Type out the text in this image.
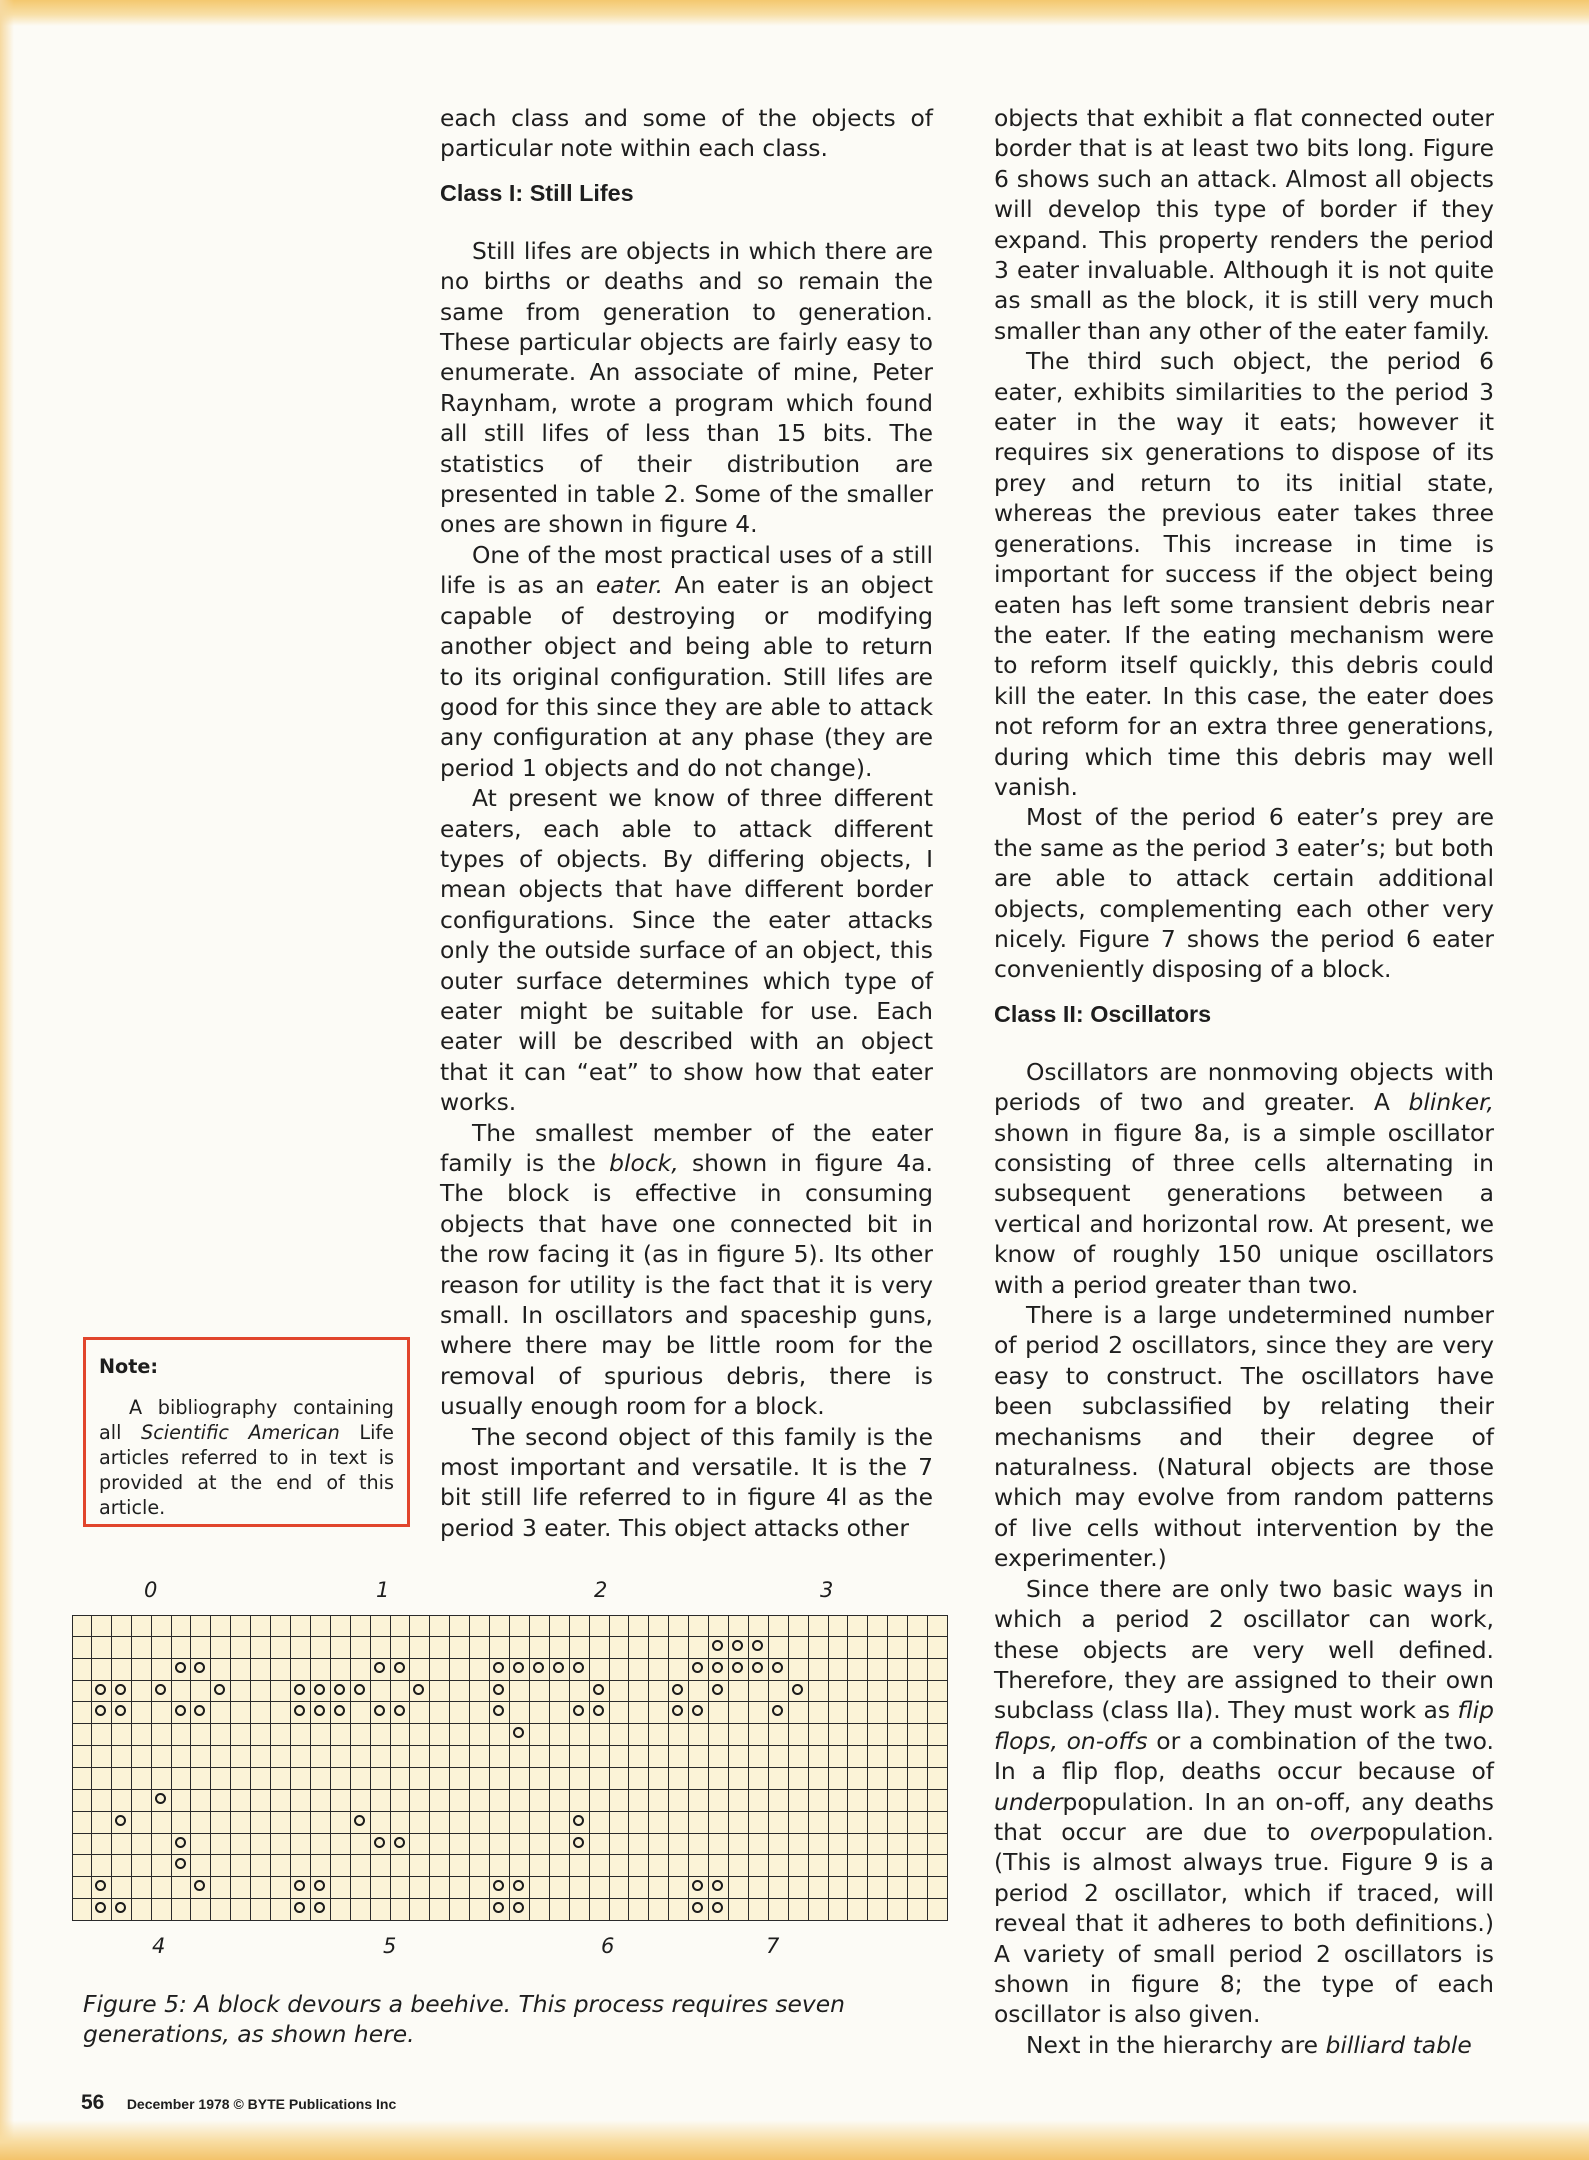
each class and some of the objects of particular note within each class.

Class I: Still Lifes

Still lifes are objects in which there are no births or deaths and so remain the same from generation to generation. These particular objects are fairly easy to enumerate. An associate of mine, Peter Raynham, wrote a program which found all still lifes of less than 15 bits. The statistics of their distribution are presented in table 2. Some of the smaller ones are shown in figure 4.

One of the most practical uses of a still life is as an eater. An eater is an object capable of destroying or modifying another object and being able to return to its original configuration. Still lifes are good for this since they are able to attack any configuration at any phase (they are period 1 objects and do not change).

At present we know of three different eaters, each able to attack different types of objects. By differing objects, I mean objects that have different border configurations. Since the eater attacks only the outside surface of an object, this outer surface determines which type of eater might be suitable for use. Each eater will be described with an object that it can “eat” to show how that eater works.

The smallest member of the eater family is the block, shown in figure 4a. The block is effective in consuming objects that have one connected bit in the row facing it (as in figure 5). Its other reason for utility is the fact that it is very small. In oscillators and spaceship guns, where there may be little room for the removal of spurious debris, there is usually enough room for a block.

The second object of this family is the most important and versatile. It is the 7 bit still life referred to in figure 4l as the period 3 eater. This object attacks other

objects that exhibit a flat connected outer border that is at least two bits long. Figure 6 shows such an attack. Almost all objects will develop this type of border if they expand. This property renders the period 3 eater invaluable. Although it is not quite as small as the block, it is still very much smaller than any other of the eater family.

The third such object, the period 6 eater, exhibits similarities to the period 3 eater in the way it eats; however it requires six generations to dispose of its prey and return to its initial state, whereas the previous eater takes three generations. This increase in time is important for success if the object being eaten has left some transient debris near the eater. If the eating mechanism were to reform itself quickly, this debris could kill the eater. In this case, the eater does not reform for an extra three generations, during which time this debris may well vanish.

Most of the period 6 eater’s prey are the same as the period 3 eater’s; but both are able to attack certain additional objects, complementing each other very nicely. Figure 7 shows the period 6 eater conveniently disposing of a block.

Class II: Oscillators

Oscillators are nonmoving objects with periods of two and greater. A blinker, shown in figure 8a, is a simple oscillator consisting of three cells alternating in subsequent generations between a vertical and horizontal row. At present, we know of roughly 150 unique oscillators with a period greater than two.

There is a large undetermined number of period 2 oscillators, since they are very easy to construct. The oscillators have been subclassified by relating their mechanisms and their degree of naturalness. (Natural objects are those which may evolve from random patterns of live cells without intervention by the experimenter.)

Since there are only two basic ways in which a period 2 oscillator can work, these objects are very well defined. Therefore, they are assigned to their own subclass (class IIa). They must work as flip flops, on-offs or a combination of the two. In a flip flop, deaths occur because of underpopulation. In an on-off, any deaths that occur are due to overpopulation. (This is almost always true. Figure 9 is a period 2 oscillator, which if traced, will reveal that it adheres to both definitions.) A variety of small period 2 oscillators is shown in figure 8; the type of each oscillator is also given.

Next in the hierarchy are billiard table

Note:
A bibliography containing all Scientific American Life articles referred to in text is provided at the end of this article.
0	1	2	3
4	5	6	7
Figure 5: A block devours a beehive. This process requires seven generations, as shown here.
56 December 1978 © BYTE Publications Inc
